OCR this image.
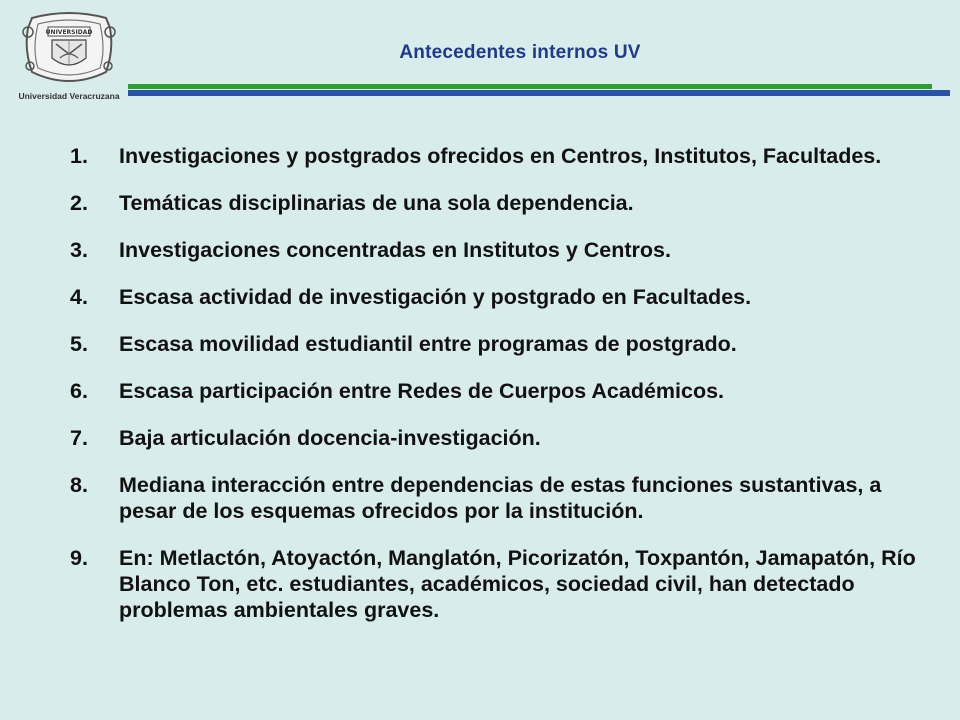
UNIVERSIDAD
Universidad Veracruzana
Antecedentes internos UV
1. Investigaciones y postgrados ofrecidos en Centros, Institutos, Facultades.
2. Temáticas disciplinarias de una sola dependencia.
3. Investigaciones concentradas en Institutos y Centros.
4. Escasa actividad de investigación y postgrado en Facultades.
5. Escasa movilidad estudiantil entre programas de postgrado.
6. Escasa participación entre Redes de Cuerpos Académicos.
7. Baja articulación docencia-investigación.
8. Mediana interacción entre dependencias de estas funciones sustantivas, a pesar de los esquemas ofrecidos por la institución.
9. En: Metlactón, Atoyactón, Manglatón, Picorizatón, Toxpantón, Jamapatón, Río Blanco Ton, etc. estudiantes, académicos, sociedad civil, han detectado problemas ambientales graves.
